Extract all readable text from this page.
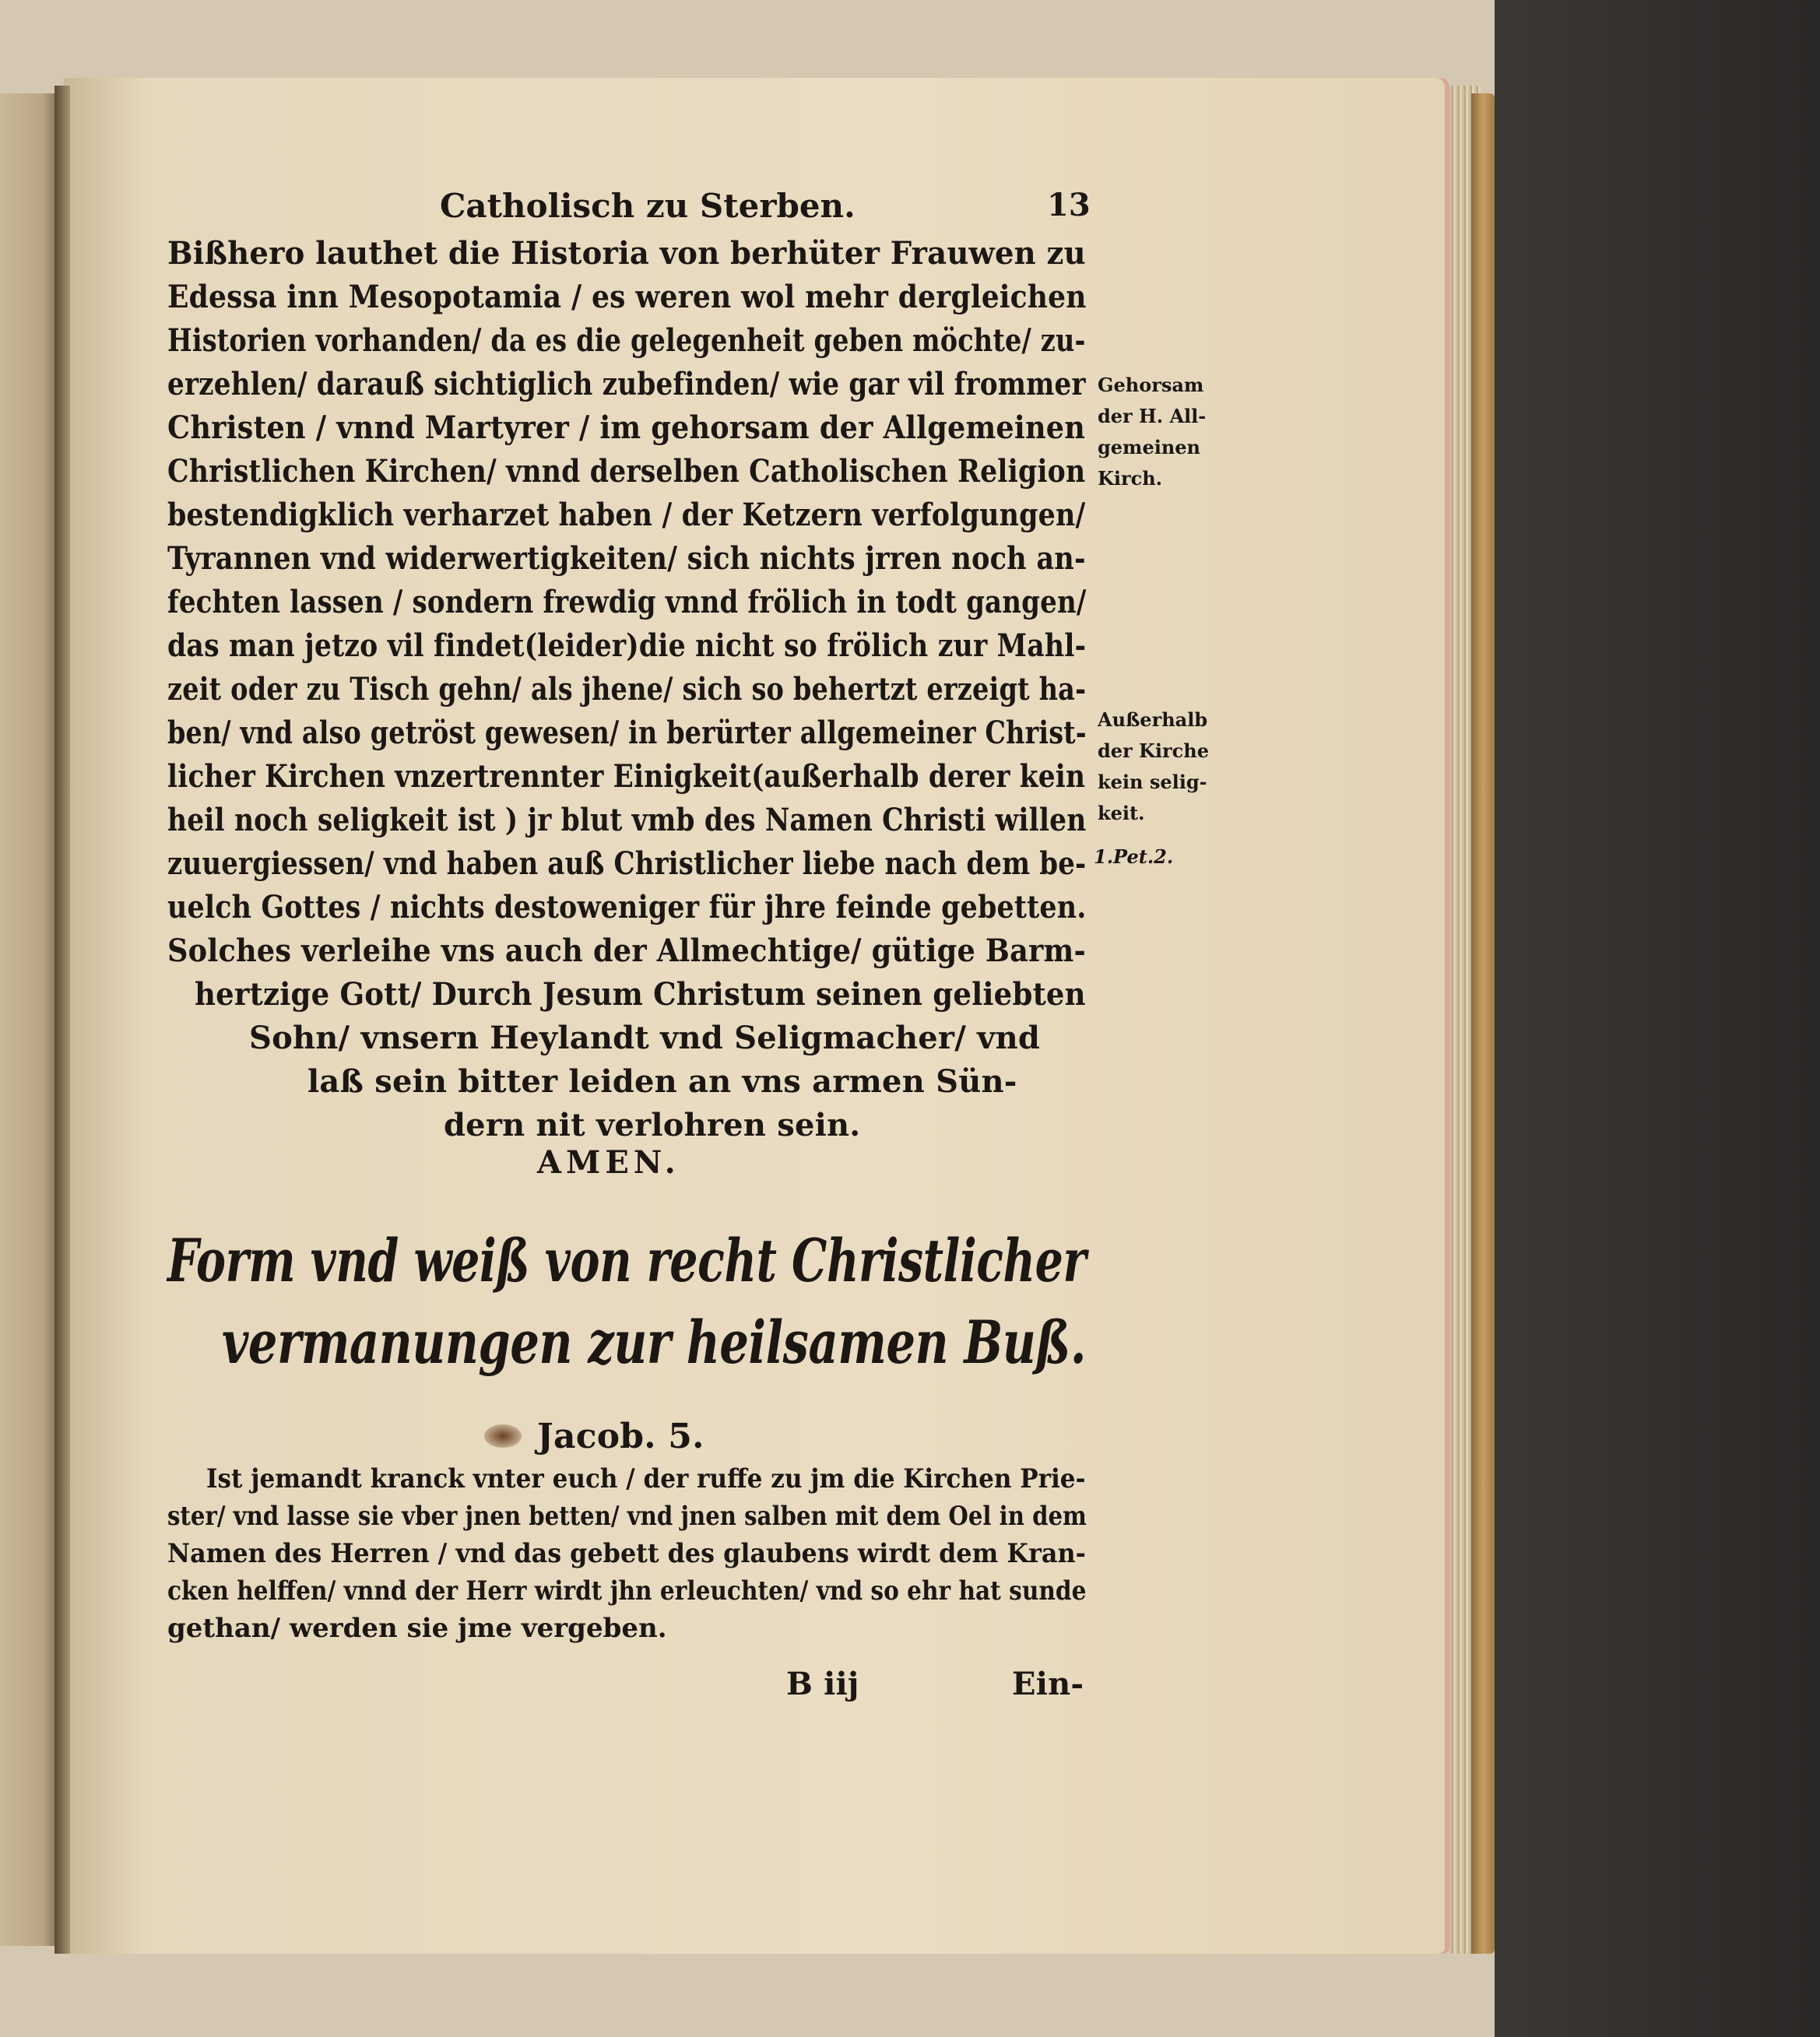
Catholisch zu Sterben.	13
Bißhero lauthet die Historia von berhüter Frauwen zu
Edessa inn Mesopotamia / es weren wol mehr dergleichen
Historien vorhanden/ da es die gelegenheit geben möchte/ zu-
erzehlen/ darauß sichtiglich zubefinden/ wie gar vil frommer
Christen / vnnd Martyrer / im gehorsam der Allgemeinen
Christlichen Kirchen/ vnnd derselben Catholischen Religion
bestendigklich verharzet haben / der Ketzern verfolgungen/
Tyrannen vnd widerwertigkeiten/ sich nichts jrren noch an-
fechten lassen / sondern frewdig vnnd frölich in todt gangen/
das man jetzo vil findet(leider)die nicht so frölich zur Mahl-
zeit oder zu Tisch gehn/ als jhene/ sich so behertzt erzeigt ha-
ben/ vnd also getröst gewesen/ in berürter allgemeiner Christ-
licher Kirchen vnzertrennter Einigkeit(außerhalb derer kein
heil noch seligkeit ist ) jr blut vmb des Namen Christi willen
zuuergiessen/ vnd haben auß Christlicher liebe nach dem be-
uelch Gottes / nichts destoweniger für jhre feinde gebetten.
Solches verleihe vns auch der Allmechtige/ gütige Barm-
hertzige Gott/ Durch Jesum Christum seinen geliebten
Sohn/ vnsern Heylandt vnd Seligmacher/ vnd
laß sein bitter leiden an vns armen Sün-
dern nit verlohren sein.
AMEN.
Gehorsam
der H. All-
gemeinen
Kirch.
Außerhalb
der Kirche
kein selig-
keit.
1.Pet.2.
Form vnd weiß von recht Christlicher
vermanungen zur heilsamen Buß.
Jacob. 5.
Ist jemandt kranck vnter euch / der ruffe zu jm die Kirchen Prie-
ster/ vnd lasse sie vber jnen betten/ vnd jnen salben mit dem Oel in dem
Namen des Herren / vnd das gebett des glaubens wirdt dem Kran-
cken helffen/ vnnd der Herr wirdt jhn erleuchten/ vnd so ehr hat sunde
gethan/ werden sie jme vergeben.
B iij	Ein-
